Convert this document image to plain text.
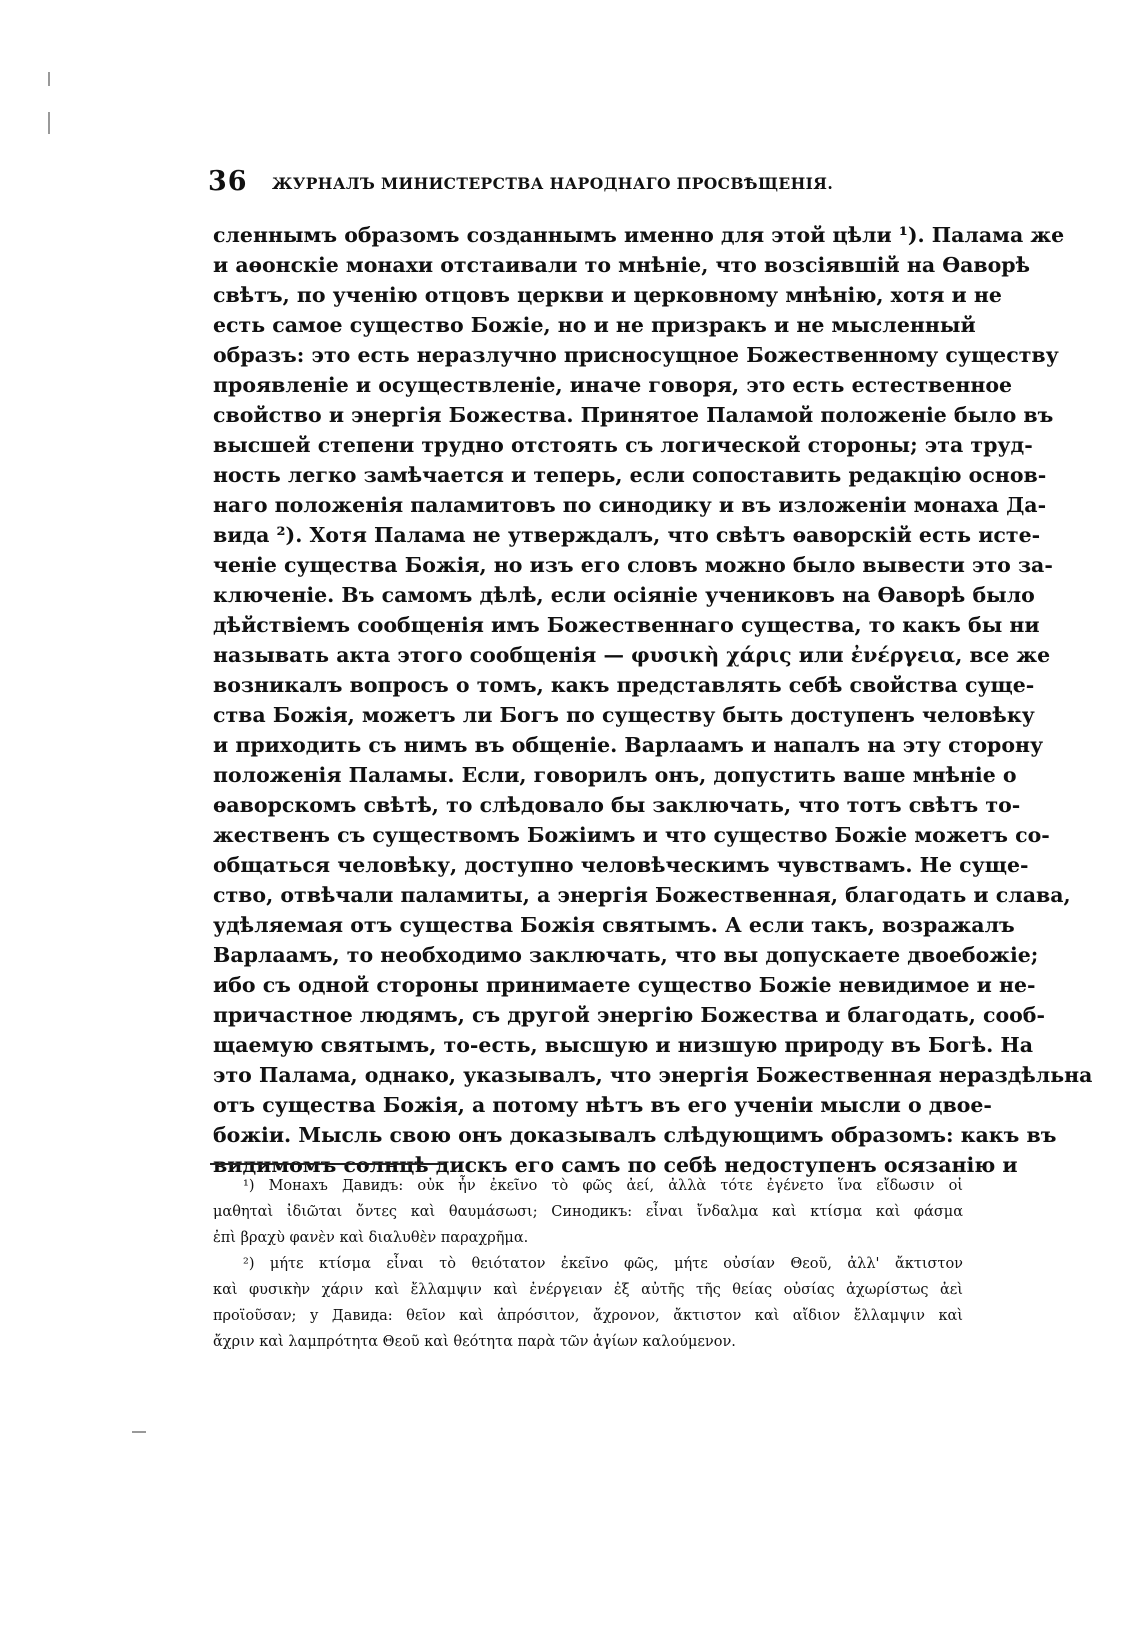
36 ЖУРНАЛЪ МИНИСТЕРСТВА НАРОДНАГО ПРОСВѢЩЕНІЯ.
сленнымъ образомъ созданнымъ именно для этой цѣли ¹). Палама же
и аѳонскіе монахи отстаивали то мнѣніе, что возсіявшій на Ѳаворѣ
свѣтъ, по ученію отцовъ церкви и церковному мнѣнію, хотя и не
есть самое существо Божіе, но и не призракъ и не мысленный
образъ: это есть неразлучно присносущное Божественному существу
проявленіе и осуществленіе, иначе говоря, это есть естественное
свойство и энергія Божества. Принятое Паламой положеніе было въ
высшей степени трудно отстоять съ логической стороны; эта труд-
ность легко замѣчается и теперь, если сопоставить редакцію основ-
наго положенія паламитовъ по синодику и въ изложеніи монаха Да-
вида ²). Хотя Палама не утверждалъ, что свѣтъ ѳаворскій есть исте-
ченіе существа Божія, но изъ его словъ можно было вывести это за-
ключеніе. Въ самомъ дѣлѣ, если осіяніе учениковъ на Ѳаворѣ было
дѣйствіемъ сообщенія имъ Божественнаго существа, то какъ бы ни
называть акта этого сообщенія — φυσικὴ χάρις или ἐνέργεια, все же
возникалъ вопросъ о томъ, какъ представлять себѣ свойства суще-
ства Божія, можетъ ли Богъ по существу быть доступенъ человѣку
и приходить съ нимъ въ общеніе. Варлаамъ и напалъ на эту сторону
положенія Паламы. Если, говорилъ онъ, допустить ваше мнѣніе о
ѳаворскомъ свѣтѣ, то слѣдовало бы заключать, что тотъ свѣтъ то-
жественъ съ существомъ Божіимъ и что существо Божіе можетъ со-
общаться человѣку, доступно человѣческимъ чувствамъ. Не суще-
ство, отвѣчали паламиты, а энергія Божественная, благодать и слава,
удѣляемая отъ существа Божія святымъ. А если такъ, возражалъ
Варлаамъ, то необходимо заключать, что вы допускаете двоебожіе;
ибо съ одной стороны принимаете существо Божіе невидимое и не-
причастное людямъ, съ другой энергію Божества и благодать, сооб-
щаемую святымъ, то-есть, высшую и низшую природу въ Богѣ. На
это Палама, однако, указывалъ, что энергія Божественная нераздѣльна
отъ существа Божія, а потому нѣтъ въ его ученіи мысли о двое-
божіи. Мысль свою онъ доказывалъ слѣдующимъ образомъ: какъ въ
видимомъ солнцѣ дискъ его самъ по себѣ недоступенъ осязанію и
¹) Монахъ Давидъ: οὐκ ἦν ἐκεῖνο τὸ φῶς ἀεί, ἀλλὰ τότε ἐγένετο ἵνα εἴδωσιν οἱ
μαθηταὶ ἰδιῶται ὄντες καὶ θαυμάσωσι; Синодикъ: εἶναι ἴνδαλμα καὶ κτίσμα καὶ φάσμα
ἐπὶ βραχὺ φανὲν καὶ διαλυθὲν παραχρῆμα.
²) μήτε κτίσμα εἶναι τὸ θειότατον ἐκεῖνο φῶς, μήτε οὐσίαν Θεοῦ, ἀλλ' ἄκτιστον
καὶ φυσικὴν χάριν καὶ ἔλλαμψιν καὶ ἐνέργειαν ἐξ αὐτῆς τῆς θείας οὐσίας ἀχωρίστως ἀεὶ
προϊοῦσαν; у Давида: θεῖον καὶ ἀπρόσιτον, ἄχρονον, ἄκτιστον καὶ αἴδιον ἔλλαμψιν καὶ
ἄχριν καὶ λαμπρότητα Θεοῦ καὶ θεότητα παρὰ τῶν ἁγίων καλούμενον.
